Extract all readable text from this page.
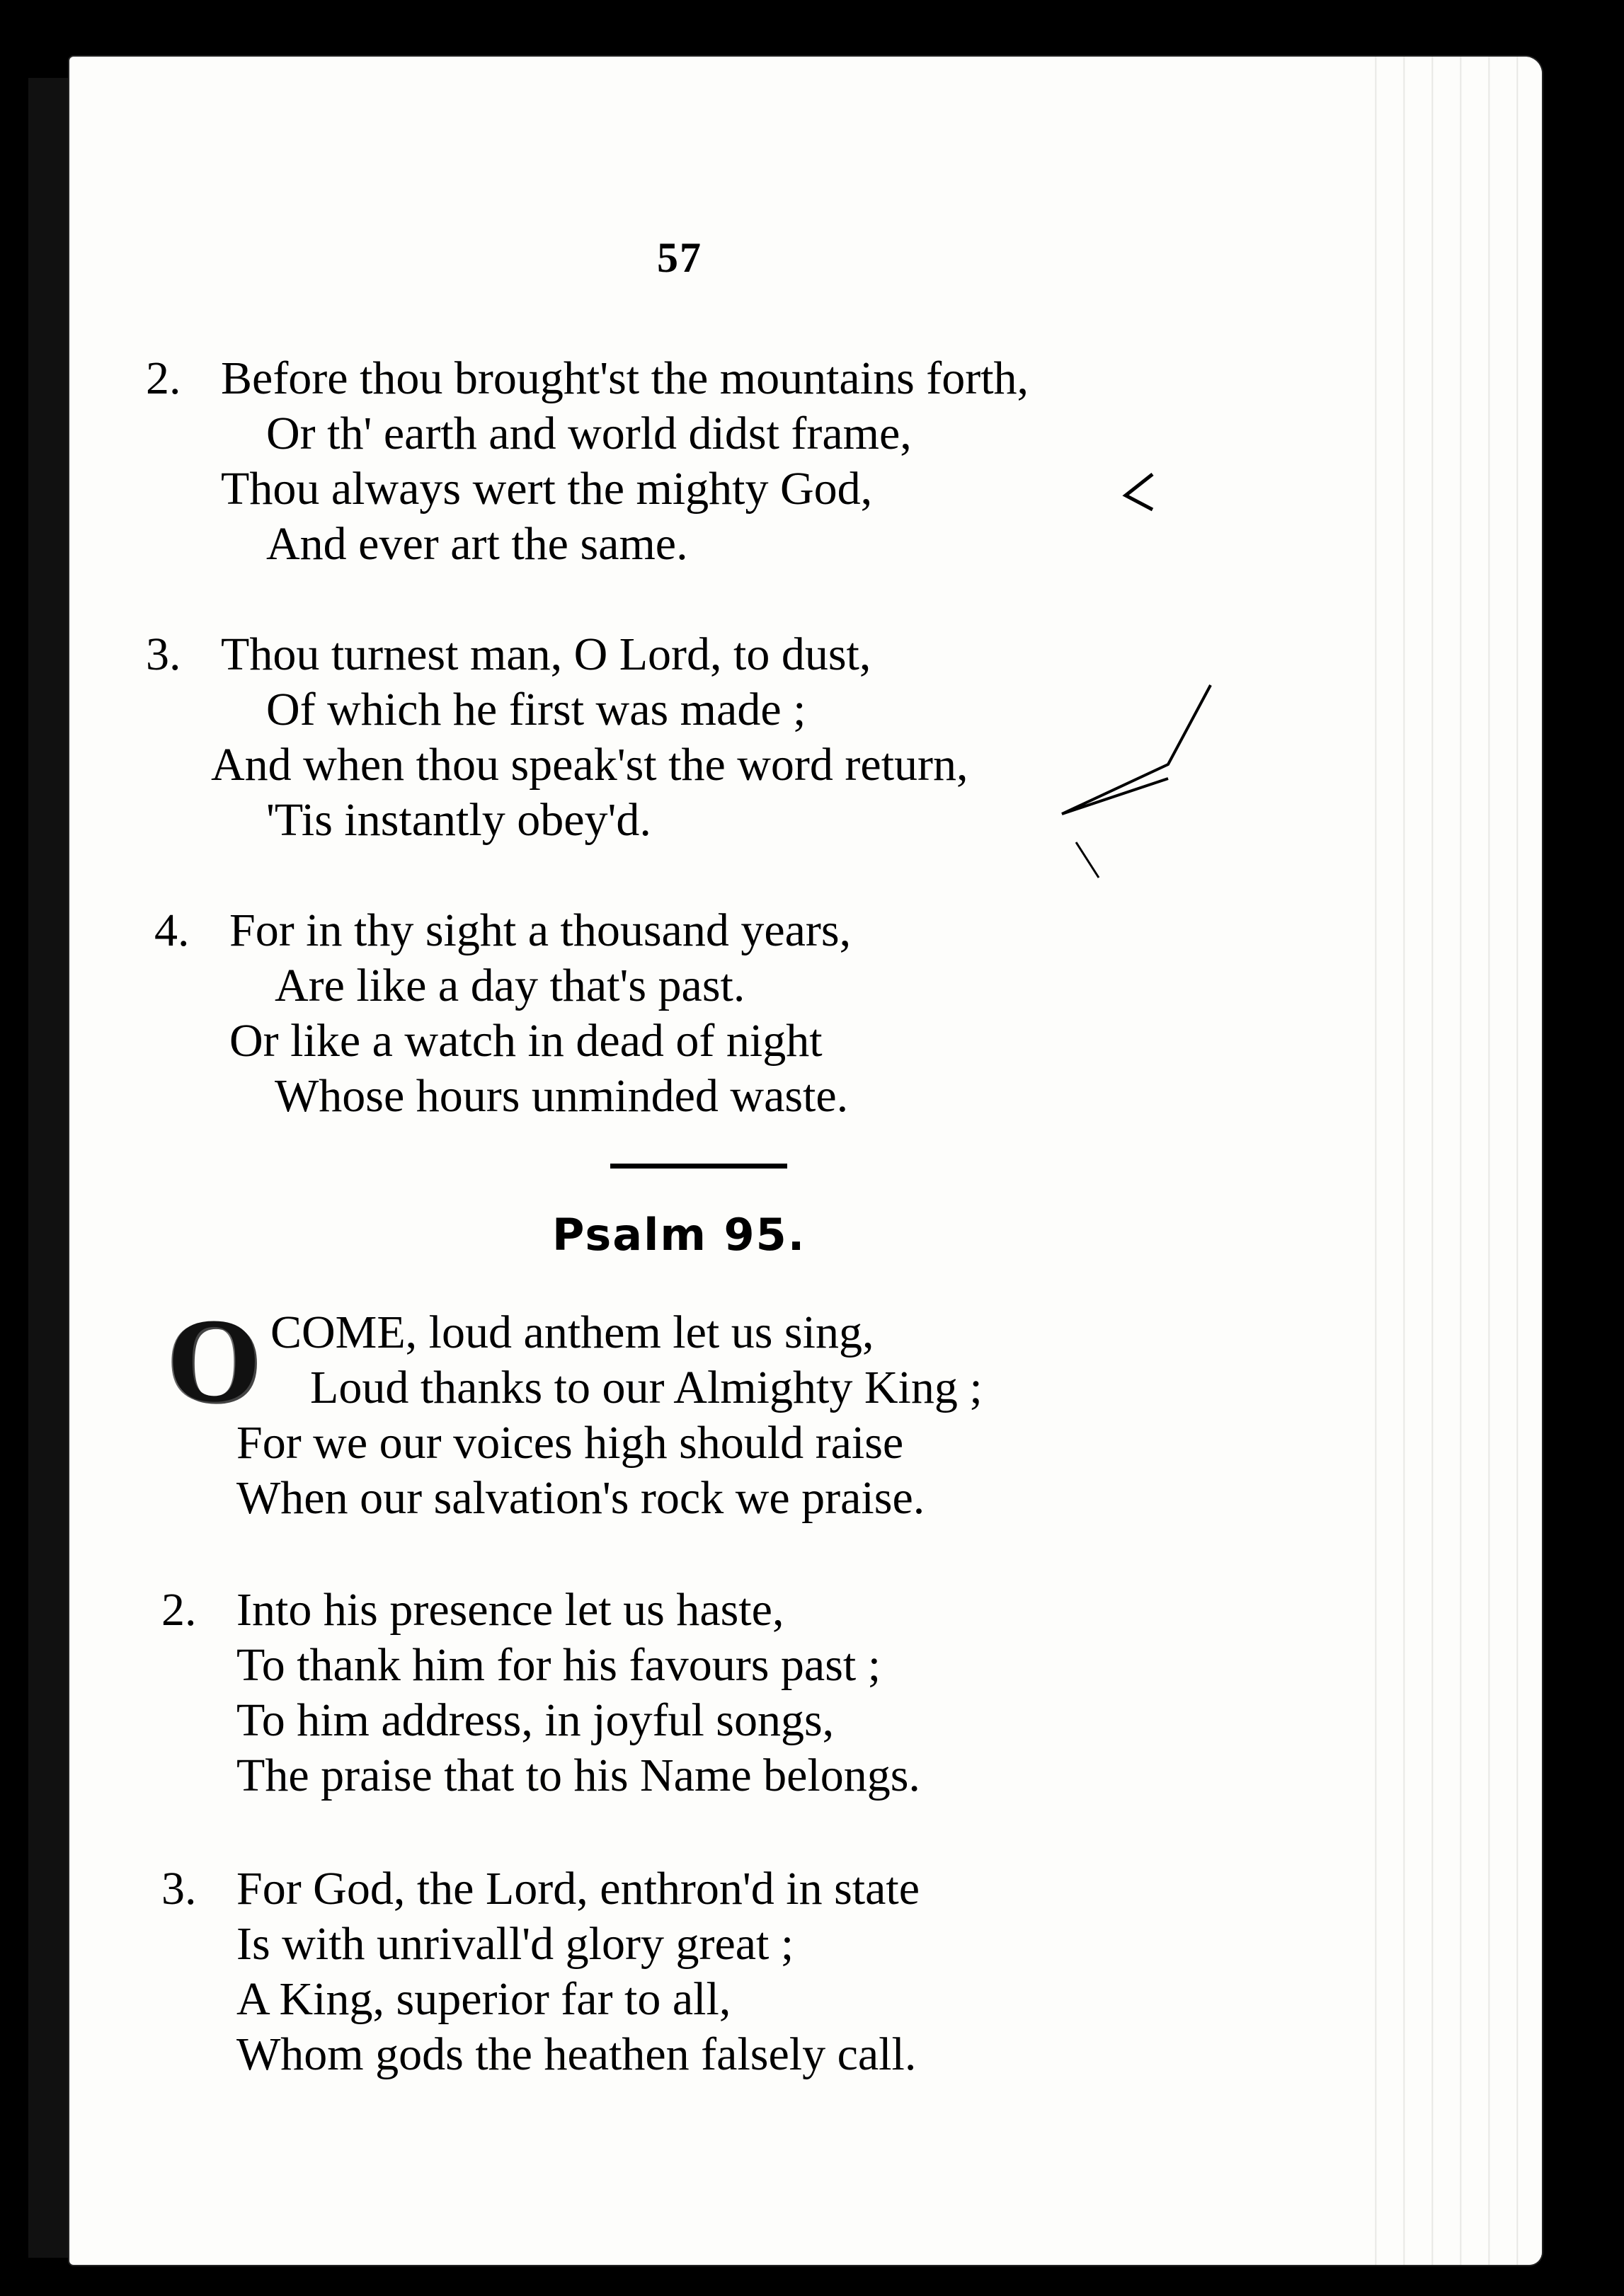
57
2. Before thou brought'st the mountains forth,
Or th' earth and world didst frame,
Thou always wert the mighty God,
And ever art the same.
3. Thou turnest man, O Lord, to dust,
Of which he first was made ;
And when thou speak'st the word return,
'Tis instantly obey'd.
4. For in thy sight a thousand years,
Are like a day that's past.
Or like a watch in dead of night
Whose hours unminded waste.
Psalm 95.
O COME, loud anthem let us sing,
Loud thanks to our Almighty King ;
For we our voices high should raise
When our salvation's rock we praise.
2. Into his presence let us haste,
To thank him for his favours past ;
To him address, in joyful songs,
The praise that to his Name belongs.
3. For God, the Lord, enthron'd in state
Is with unrivall'd glory great ;
A King, superior far to all,
Whom gods the heathen falsely call.
